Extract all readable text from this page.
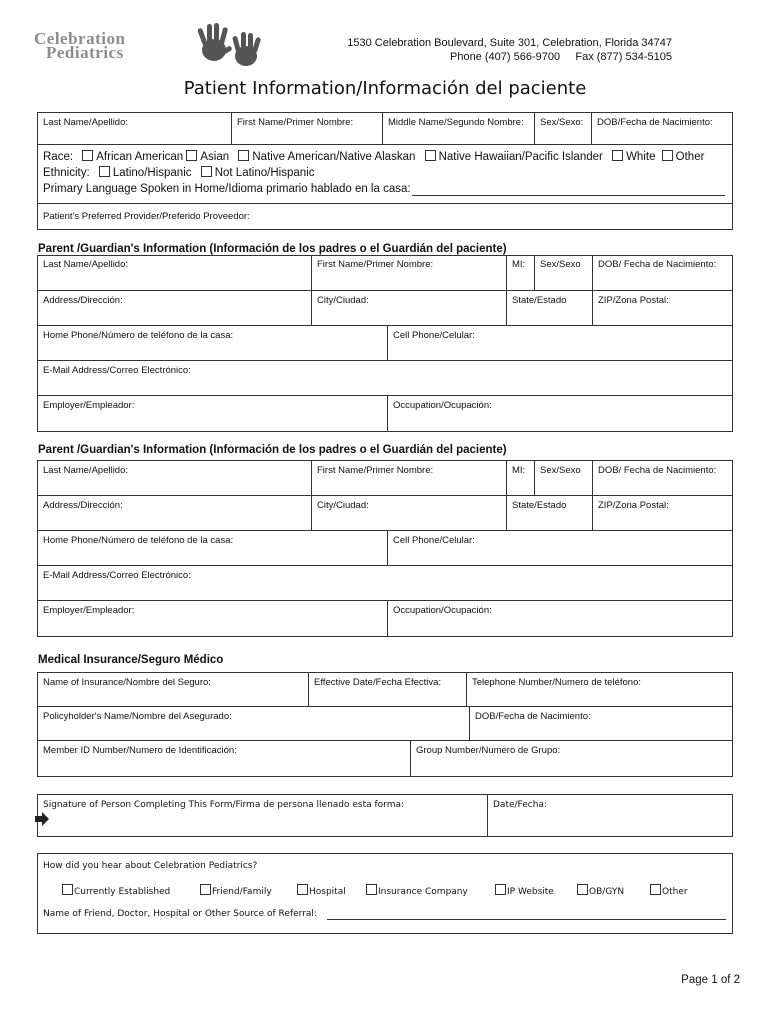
Celebration
Pediatrics	1530 Celebration Boulevard, Suite 301, Celebration, Florida 34747
Phone (407) 566-9700 Fax (877) 534-5105
Patient Information/Información del paciente
Last Name/Apellido:	First Name/Primer Nombre:	Middle Name/Segundo Nombre:	Sex/Sexo:	DOB/Fecha de Nacimiento:
Race: African American Asian Native American/Native Alaskan Native Hawaiian/Pacific Islander White Other
Ethnicity: Latino/Hispanic Not Latino/Hispanic
Primary Language Spoken in Home/Idioma primario hablado en la casa:
Patient's Preferred Provider/Preferido Proveedor:
Parent /Guardian's Information (Información de los padres o el Guardián del paciente)
Last Name/Apellido:	First Name/Primer Nombre:	MI:	Sex/Sexo	DOB/ Fecha de Nacimiento:
Address/Dirección:	City/Ciudad:	State/Estado	ZIP/Zona Postal:
Home Phone/Número de teléfono de la casa:	Cell Phone/Celular:
E-Mail Address/Correo Electrónico:
Employer/Empleador:	Occupation/Ocupación:
Parent /Guardian's Information (Información de los padres o el Guardián del paciente)
Last Name/Apellido:	First Name/Primer Nombre:	MI:	Sex/Sexo	DOB/ Fecha de Nacimiento:
Address/Dirección:	City/Ciudad:	State/Estado	ZIP/Zona Postal:
Home Phone/Número de teléfono de la casa:	Cell Phone/Celular:
E-Mail Address/Correo Electrónico:
Employer/Empleador:	Occupation/Ocupación:
Medical Insurance/Seguro Médico
Name of Insurance/Nombre del Seguro:	Effective Date/Fecha Efectiva:	Telephone Number/Numero de teléfono:
Policyholder's Name/Nombre del Asegurado:	DOB/Fecha de Nacimiento:
Member ID Number/Numero de Identificación:	Group Number/Numero de Grupo:
Signature of Person Completing This Form/Firma de persona llenado esta forma:	Date/Fecha:
How did you hear about Celebration Pediatrics?
Currently Established	Friend/Family	Hospital	Insurance Company	IP Website	OB/GYN	Other
Name of Friend, Doctor, Hospital or Other Source of Referral:
Page 1 of 2
